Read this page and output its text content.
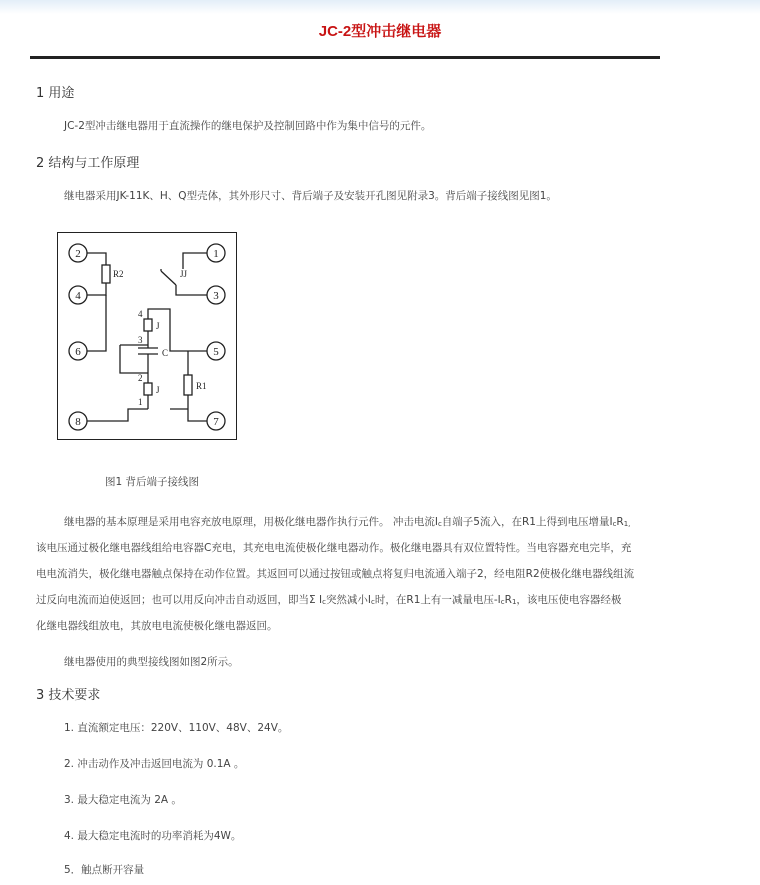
JC-2型冲击继电器
1 用途
JC-2型冲击继电器用于直流操作的继电保护及控制回路中作为集中信号的元件。
2 结构与工作原理
继电器采用JK-11K、H、Q型壳体，其外形尺寸、背后端子及安装开孔图见附录3。背后端子接线图见图1。
2
4
6
8
1
3
5
7
R2	JJ
J
C
J	R1
4
3
2
1
图1 背后端子接线图
继电器的基本原理是采用电容充放电原理，用极化继电器作执行元件。 冲击电流Ic自端子5流入，在R1上得到电压增量IcR1,
该电压通过极化继电器线组给电容器C充电，其充电电流使极化继电器动作。极化继电器具有双位置特性。当电容器充电完毕，充
电电流消失，极化继电器触点保持在动作位置。其返回可以通过按钮或触点将复归电流通入端子2，经电阻R2使极化继电器线组流
过反向电流而迫使返回；也可以用反向冲击自动返回，即当Σ Ic突然减小Ic时，在R1上有一减量电压-IcR1，该电压使电容器经极
化继电器线组放电，其放电电流使极化继电器返回。
继电器使用的典型接线图如图2所示。
3 技术要求
1. 直流额定电压：220V、110V、48V、24V。
2. 冲击动作及冲击返回电流为 0.1A 。
3. 最大稳定电流为 2A 。
4. 最大稳定电流时的功率消耗为4W。
5．触点断开容量
